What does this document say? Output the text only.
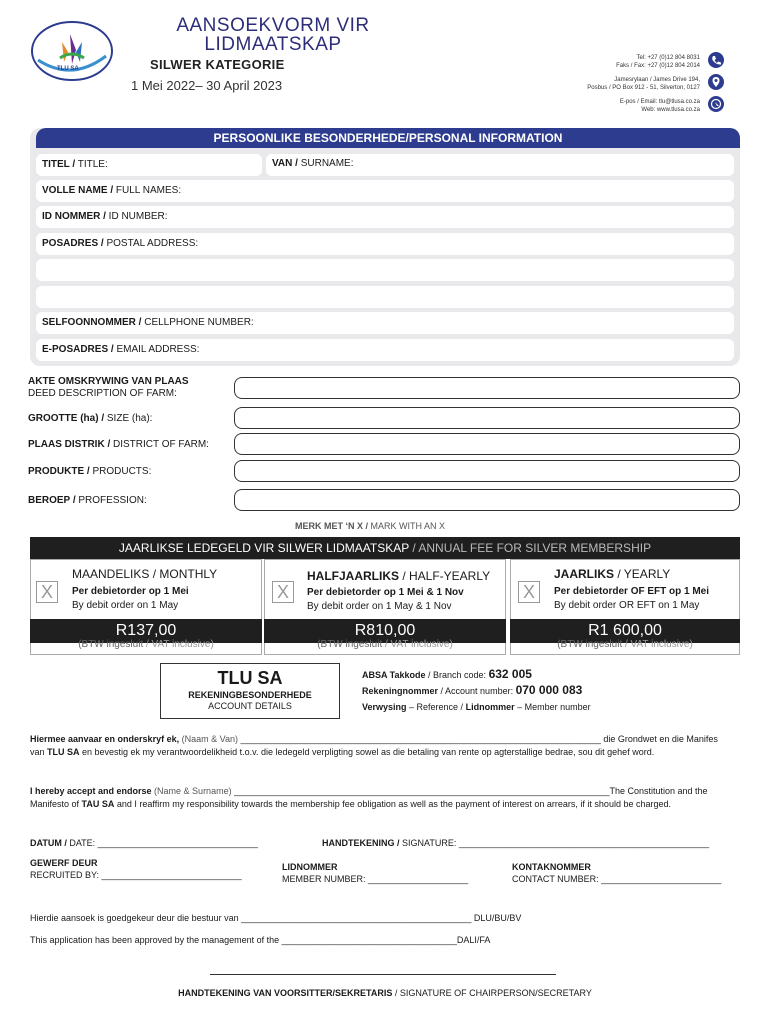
TLU SA
AANSOEKVORM VIR
LIDMAATSKAP
SILWER KATEGORIE
1 Mei 2022– 30 April 2023
Tel: +27 (0)12 804 8031
Faks / Fax: +27 (0)12 804 2014
Jamesrylaan / James Drive 194,
Posbus / PO Box 912 - 51, Silverton, 0127
E-pos / Email: tlu@tlusa.co.za
Web: www.tlusa.co.za
PERSOONLIKE BESONDERHEDE/PERSONAL INFORMATION
TITEL / TITLE:	VAN / SURNAME:
VOLLE NAME / FULL NAMES:
ID NOMMER / ID NUMBER:
POSADRES / POSTAL ADDRESS:
SELFOONNOMMER / CELLPHONE NUMBER:
E-POSADRES / EMAIL ADDRESS:
AKTE OMSKRYWING VAN PLAAS
DEED DESCRIPTION OF FARM:
GROOTTE (ha) / SIZE (ha):
PLAAS DISTRIK / DISTRICT OF FARM:
PRODUKTE / PRODUCTS:
BEROEP / PROFESSION:
MERK MET ‘N X / MARK WITH AN X
JAARLIKSE LEDEGELD VIR SILWER LIDMAATSKAP / ANNUAL FEE FOR SILVER MEMBERSHIP
X
MAANDELIKS / MONTHLY
Per debietorder op 1 Mei
By debit order on 1 May
R137,00
(BTW ingesluit / VAT inclusive)
X
HALFJAARLIKS / HALF-YEARLY
Per debietorder op 1 Mei & 1 Nov
By debit order on 1 May & 1 Nov
R810,00
(BTW ingesluit / VAT inclusive)
X
JAARLIKS / YEARLY
Per debietorder OF EFT op 1 Mei
By debit order OR EFT on 1 May
R1 600,00
(BTW ingesluit / VAT inclusive)
TLU SA
REKENINGBESONDERHEDE
ACCOUNT DETAILS
ABSA Takkode / Branch code: 632 005
Rekeningnommer / Account number: 070 000 083
Verwysing – Reference / Lidnommer – Member number
Hiermee aanvaar en onderskryf ek, (Naam & Van) ________________________________________________________________________ die Grondwet en die Manifes
van TLU SA en bevestig ek my verantwoordelikheid t.o.v. die ledegeld verpligting sowel as die betaling van rente op agterstallige bedrae, sou dit gehef word.
I hereby accept and endorse (Name & Surname) ___________________________________________________________________________The Constitution and the
Manifesto of TAU SA and I reaffirm my responsibility towards the membership fee obligation as well as the payment of interest on arrears, if it should be charged.
DATUM / DATE: ________________________________	HANDTEKENING / SIGNATURE: __________________________________________________
GEWERF DEUR
RECRUITED BY: ____________________________
LIDNOMMER
MEMBER NUMBER: ____________________
KONTAKNOMMER
CONTACT NUMBER: ________________________
Hierdie aansoek is goedgekeur deur die bestuur van ______________________________________________ DLU/BU/BV
This application has been approved by the management of the ___________________________________DALI/FA
HANDTEKENING VAN VOORSITTER/SEKRETARIS / SIGNATURE OF CHAIRPERSON/SECRETARY
